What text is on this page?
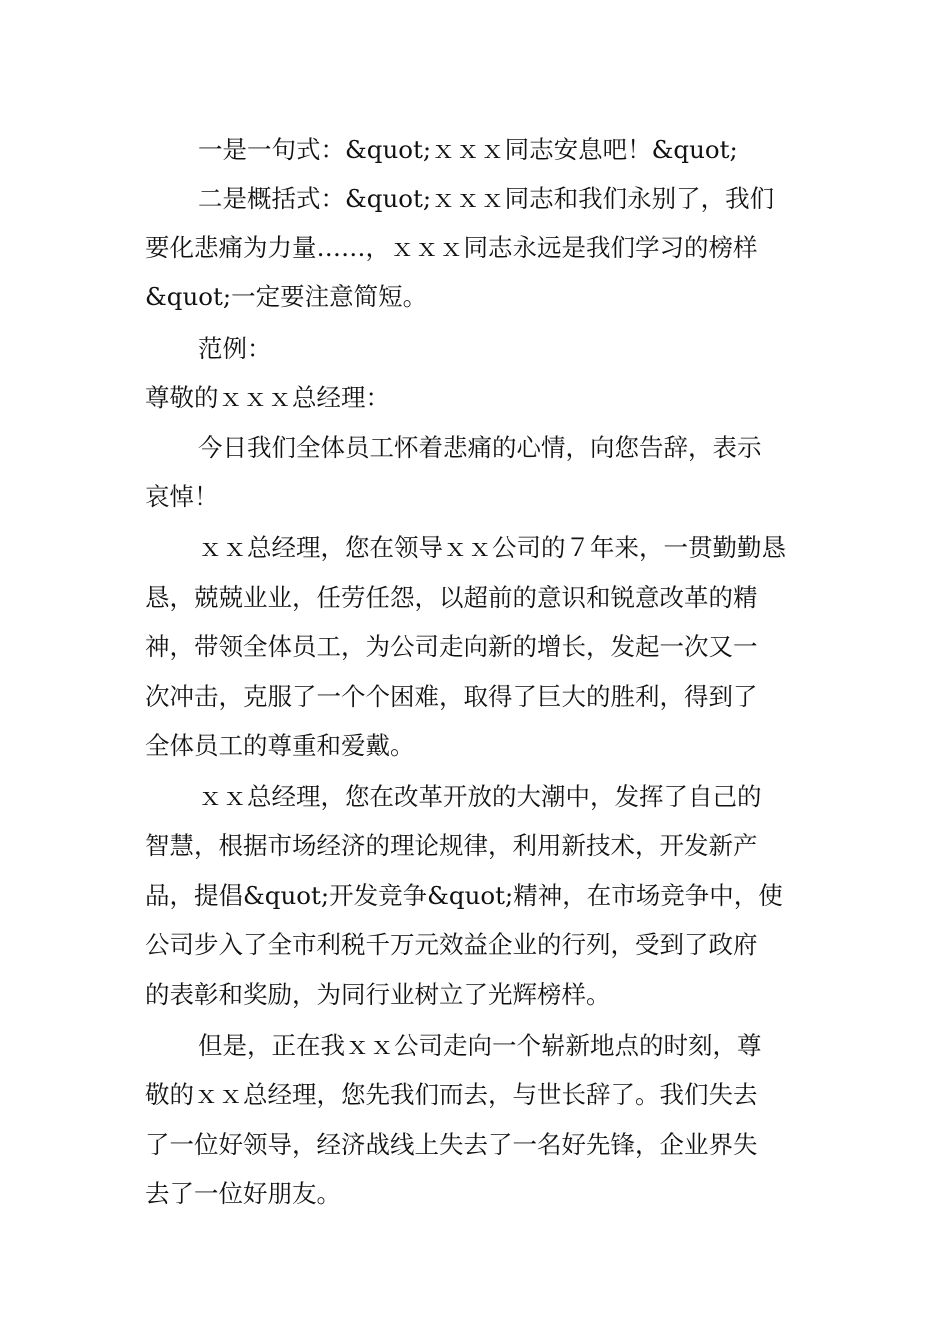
一是一句式：&quot;ｘｘｘ同志安息吧！&quot;
二是概括式：&quot;ｘｘｘ同志和我们永别了，我们
要化悲痛为力量……，ｘｘｘ同志永远是我们学习的榜样
&quot;一定要注意简短。
范例：
尊敬的ｘｘｘ总经理：
今日我们全体员工怀着悲痛的心情，向您告辞，表示
哀悼！
ｘｘ总经理，您在领导ｘｘ公司的７年来，一贯勤勤恳
恳，兢兢业业，任劳任怨，以超前的意识和锐意改革的精
神，带领全体员工，为公司走向新的增长，发起一次又一
次冲击，克服了一个个困难，取得了巨大的胜利，得到了
全体员工的尊重和爱戴。
ｘｘ总经理，您在改革开放的大潮中，发挥了自己的
智慧，根据市场经济的理论规律，利用新技术，开发新产
品，提倡&quot;开发竞争&quot;精神，在市场竞争中，使
公司步入了全市利税千万元效益企业的行列，受到了政府
的表彰和奖励，为同行业树立了光辉榜样。
但是，正在我ｘｘ公司走向一个崭新地点的时刻，尊
敬的ｘｘ总经理，您先我们而去，与世长辞了。我们失去
了一位好领导，经济战线上失去了一名好先锋，企业界失
去了一位好朋友。
